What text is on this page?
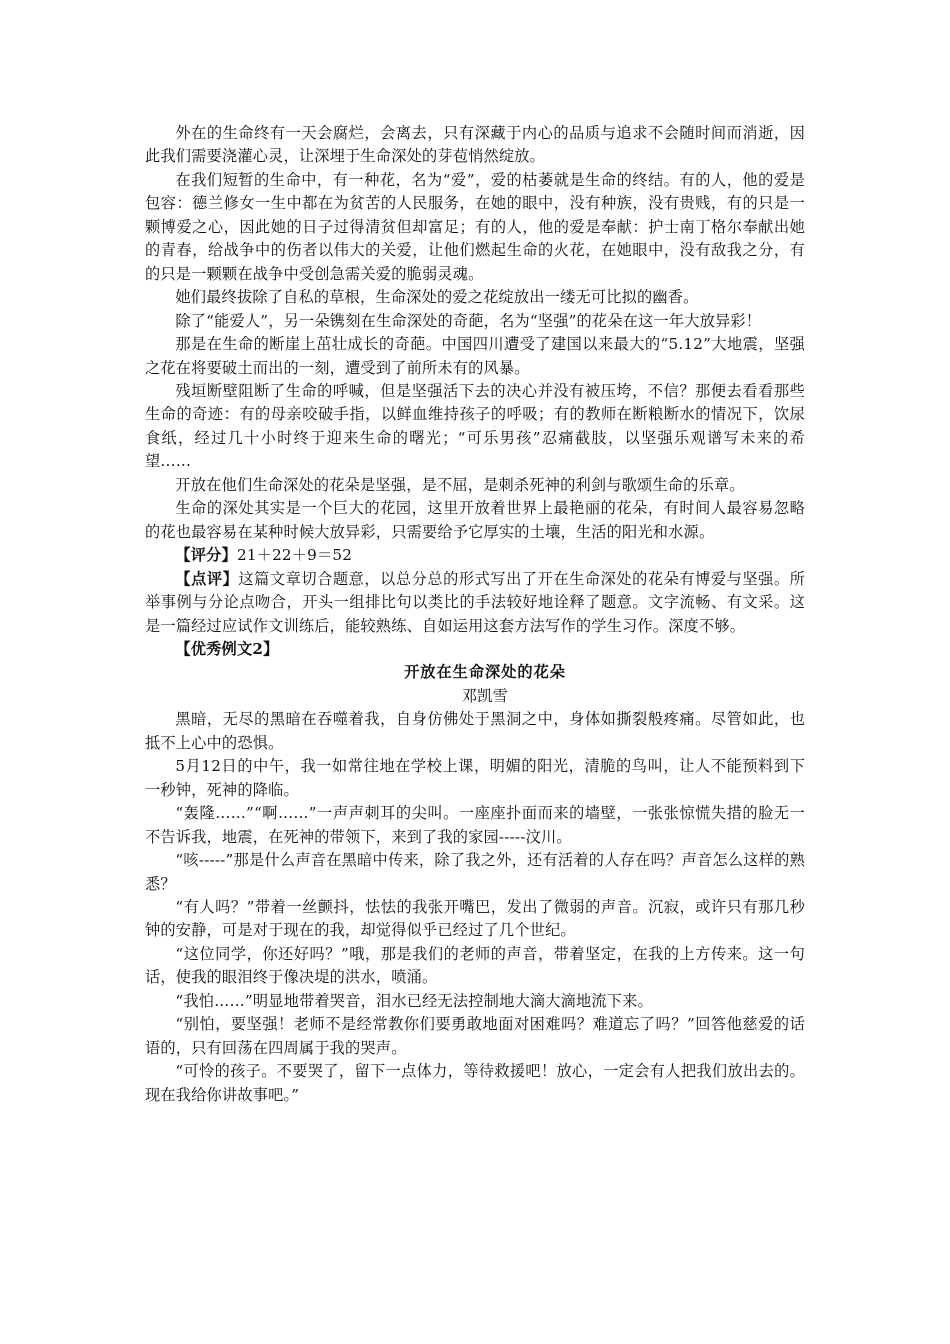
外在的生命终有一天会腐烂，会离去，只有深藏于内心的品质与追求不会随时间而消逝，因此我们需要浇灌心灵，让深埋于生命深处的芽苞悄然绽放。

在我们短暂的生命中，有一种花，名为“爱”，爱的枯萎就是生命的终结。有的人，他的爱是包容：德兰修女一生中都在为贫苦的人民服务，在她的眼中，没有种族，没有贵贱，有的只是一颗博爱之心，因此她的日子过得清贫但却富足；有的人，他的爱是奉献：护士南丁格尔奉献出她的青春，给战争中的伤者以伟大的关爱，让他们燃起生命的火花，在她眼中，没有敌我之分，有的只是一颗颗在战争中受创急需关爱的脆弱灵魂。

她们最终拔除了自私的草根，生命深处的爱之花绽放出一缕无可比拟的幽香。

除了“能爱人”，另一朵镌刻在生命深处的奇葩，名为“坚强”的花朵在这一年大放异彩！

那是在生命的断崖上茁壮成长的奇葩。中国四川遭受了建国以来最大的“5.12”大地震，坚强之花在将要破土而出的一刻，遭受到了前所未有的风暴。

残垣断壁阻断了生命的呼喊，但是坚强活下去的决心并没有被压垮，不信？那便去看看那些生命的奇迹：有的母亲咬破手指，以鲜血维持孩子的呼吸；有的教师在断粮断水的情况下，饮尿食纸，经过几十小时终于迎来生命的曙光；“可乐男孩”忍痛截肢，以坚强乐观谱写未来的希望……

开放在他们生命深处的花朵是坚强，是不屈，是刺杀死神的利剑与歌颂生命的乐章。

生命的深处其实是一个巨大的花园，这里开放着世界上最艳丽的花朵，有时间人最容易忽略的花也最容易在某种时候大放异彩，只需要给予它厚实的土壤，生活的阳光和水源。

【评分】21＋22＋9＝52

【点评】这篇文章切合题意，以总分总的形式写出了开在生命深处的花朵有博爱与坚强。所举事例与分论点吻合，开头一组排比句以类比的手法较好地诠释了题意。文字流畅、有文采。这是一篇经过应试作文训练后，能较熟练、自如运用这套方法写作的学生习作。深度不够。

【优秀例文2】

开放在生命深处的花朵

邓凯雪

黑暗，无尽的黑暗在吞噬着我，自身仿佛处于黑洞之中，身体如撕裂般疼痛。尽管如此，也抵不上心中的恐惧。

5月12日的中午，我一如常往地在学校上课，明媚的阳光，清脆的鸟叫，让人不能预料到下一秒钟，死神的降临。

“轰隆……”“啊……”一声声刺耳的尖叫。一座座扑面而来的墙壁，一张张惊慌失措的脸无一不告诉我，地震，在死神的带领下，来到了我的家园-----汶川。

“咳-----”那是什么声音在黑暗中传来，除了我之外，还有活着的人存在吗？声音怎么这样的熟悉？

“有人吗？”带着一丝颤抖，怯怯的我张开嘴巴，发出了微弱的声音。沉寂，或许只有那几秒钟的安静，可是对于现在的我，却觉得似乎已经过了几个世纪。

“这位同学，你还好吗？”哦，那是我们的老师的声音，带着坚定，在我的上方传来。这一句话，使我的眼泪终于像决堤的洪水，喷涌。

“我怕……”明显地带着哭音，泪水已经无法控制地大滴大滴地流下来。

“别怕，要坚强！老师不是经常教你们要勇敢地面对困难吗？难道忘了吗？”回答他慈爱的话语的，只有回荡在四周属于我的哭声。

“可怜的孩子。不要哭了，留下一点体力，等待救援吧！放心，一定会有人把我们放出去的。现在我给你讲故事吧。”
